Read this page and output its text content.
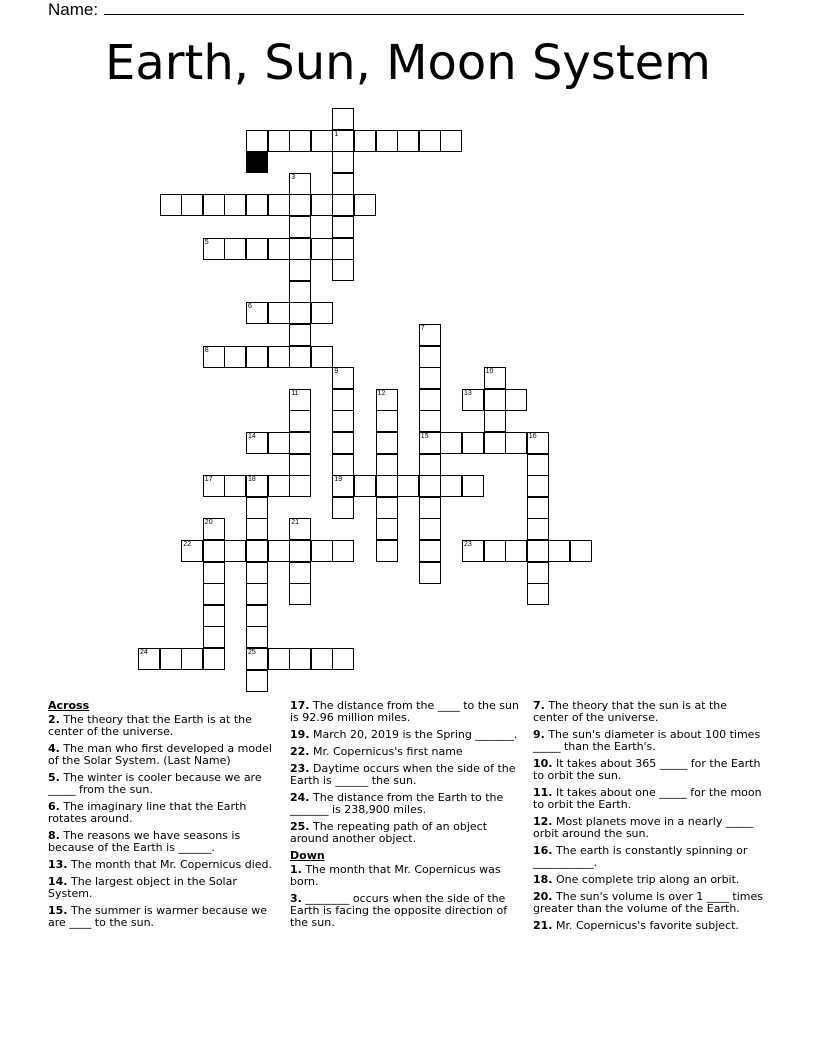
Name:
Earth, Sun, Moon System
1
5
6
8
13
14	15	16
17	18	19
22	23
24	25
3
7
9	10
11	12
20	21
Across
2. The theory that the Earth is at the center of the universe.
4. The man who first developed a model of the Solar System. (Last Name)
5. The winter is cooler because we are _____ from the sun.
6. The imaginary line that the Earth rotates around.
8. The reasons we have seasons is because of the Earth is ______.
13. The month that Mr. Copernicus died.
14. The largest object in the Solar System.
15. The summer is warmer because we are ____ to the sun.
17. The distance from the ____ to the sun is 92.96 million miles.
19. March 20, 2019 is the Spring _______.
22. Mr. Copernicus's first name
23. Daytime occurs when the side of the Earth is ______ the sun.
24. The distance from the Earth to the _______ is 238,900 miles.
25. The repeating path of an object around another object.
Down
1. The month that Mr. Copernicus was born.
3. ________ occurs when the side of the Earth is facing the opposite direction of the sun.
7. The theory that the sun is at the center of the universe.
9. The sun's diameter is about 100 times _____ than the Earth's.
10. It takes about 365 _____ for the Earth to orbit the sun.
11. It takes about one _____ for the moon to orbit the Earth.
12. Most planets move in a nearly _____ orbit around the sun.
16. The earth is constantly spinning or ___________.
18. One complete trip along an orbit.
20. The sun's volume is over 1 ____ times greater than the volume of the Earth.
21. Mr. Copernicus's favorite subject.
